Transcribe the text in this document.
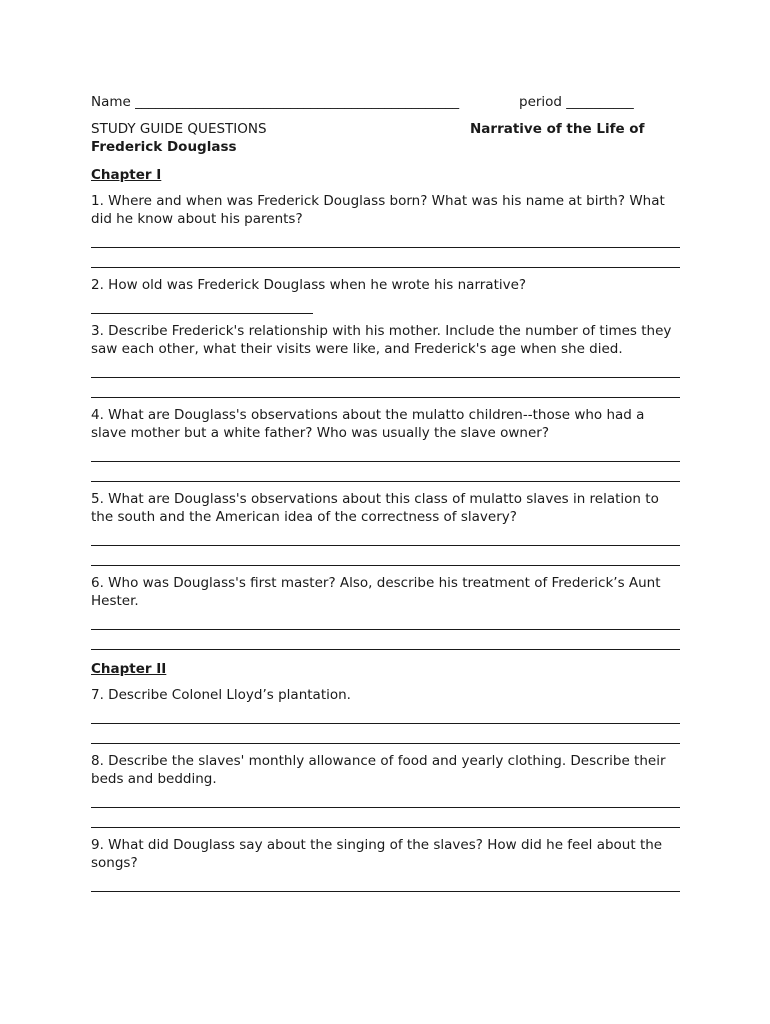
Name ________________________________________________	period __________
STUDY GUIDE QUESTIONS	Narrative of the Life of
Frederick Douglass
Chapter I
1. Where and when was Frederick Douglass born? What was his name at birth? What did he know about his parents?
2. How old was Frederick Douglass when he wrote his narrative?
3. Describe Frederick's relationship with his mother. Include the number of times they saw each other, what their visits were like, and Frederick's age when she died.
4. What are Douglass's observations about the mulatto children--those who had a slave mother but a white father? Who was usually the slave owner?
5. What are Douglass's observations about this class of mulatto slaves in relation to the south and the American idea of the correctness of slavery?
6. Who was Douglass's first master? Also, describe his treatment of Frederick’s Aunt Hester.
Chapter II
7. Describe Colonel Lloyd’s plantation.
8. Describe the slaves' monthly allowance of food and yearly clothing. Describe their beds and bedding.
9. What did Douglass say about the singing of the slaves? How did he feel about the songs?
